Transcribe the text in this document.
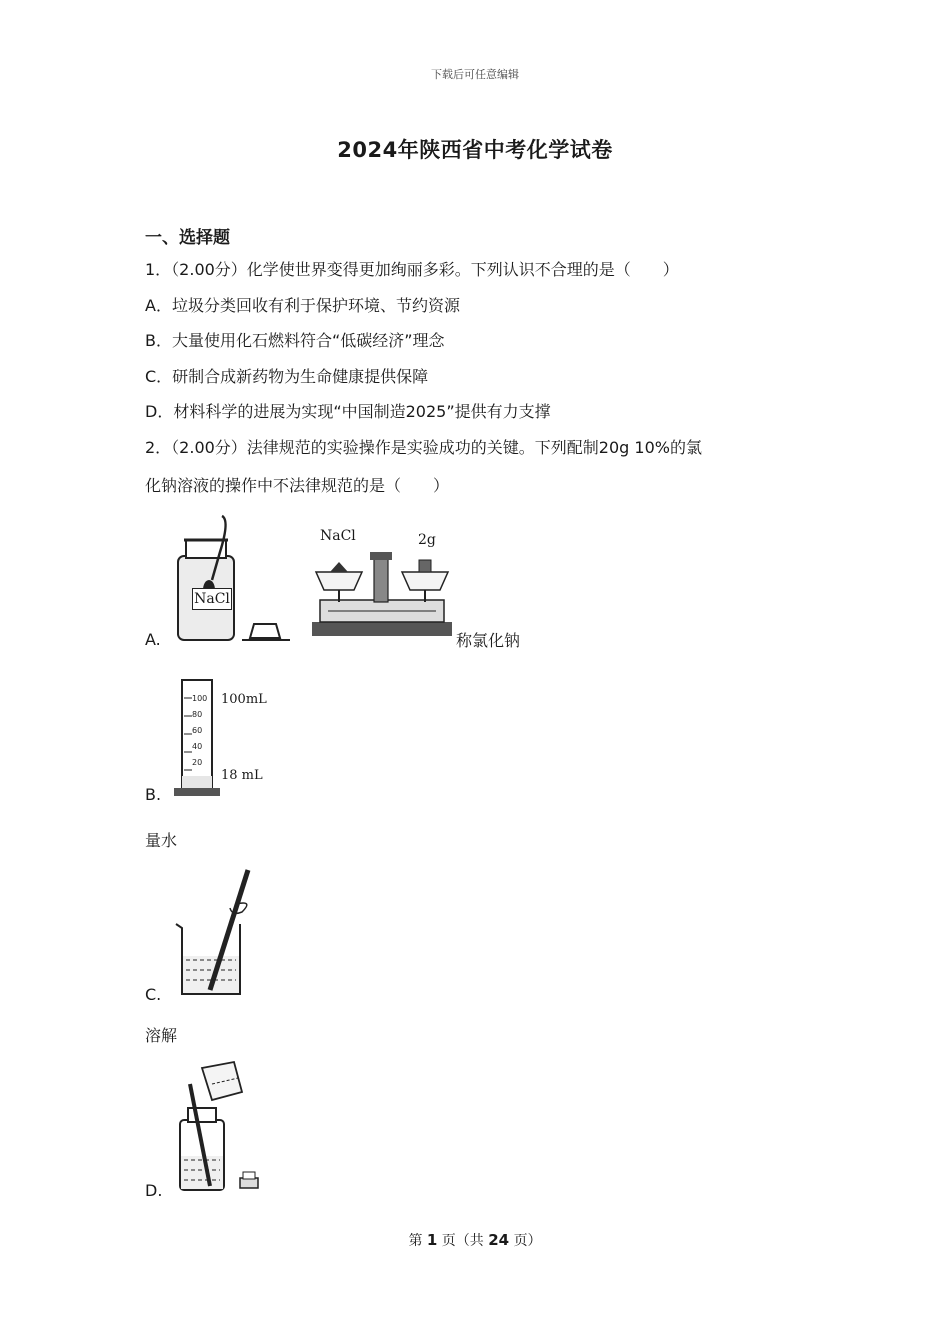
下载后可任意编辑
2024年陕西省中考化学试卷
一、选择题
1．（2.00分）化学使世界变得更加绚丽多彩。下列认识不合理的是（　　）
A．垃圾分类回收有利于保护环境、节约资源
B．大量使用化石燃料符合“低碳经济”理念
C．研制合成新药物为生命健康提供保障
D．材料科学的进展为实现“中国制造2025”提供有力支撑
2．（2.00分）法律规范的实验操作是实验成功的关键。下列配制20g 10%的氯
化钠溶液的操作中不法律规范的是（　　）
A.
NaCl
NaCl	2g
称氯化钠
B.
100
80
60
40
20
100mL
18 mL
量水
C.
溶解
D.
第 1 页（共 24 页）
